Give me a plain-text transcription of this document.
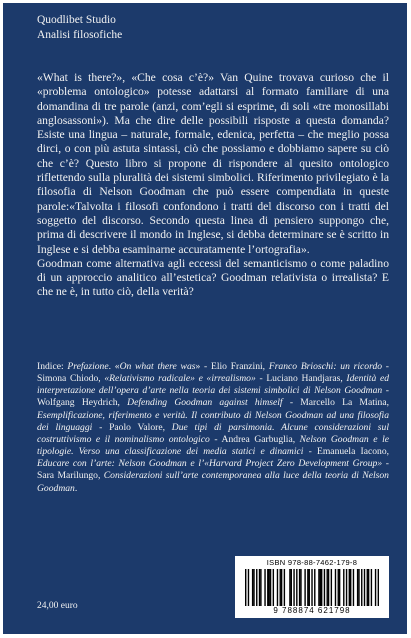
Quodlibet Studio
Analisi filosofiche

«What is there?», «Che cosa c’è?» Van Quine trovava curioso che il «problema ontologico» potesse adattarsi al formato familiare di una domandina di tre parole (anzi, com’egli si esprime, di soli «tre monosillabi anglosassoni»). Ma che dire delle possibili risposte a questa domanda? Esiste una lingua – naturale, formale, edenica, perfetta – che meglio possa dirci, o con più astuta sintassi, ciò che possiamo e dobbiamo sapere su ciò che c’è? Questo libro si propone di rispondere al quesito ontologico riflettendo sulla pluralità dei sistemi simbolici. Riferimento privilegiato è la filosofia di Nelson Goodman che può essere compendiata in queste parole:«Talvolta i filosofi confondono i tratti del discorso con i tratti del soggetto del discorso. Secondo questa linea di pensiero suppongo che, prima di descrivere il mondo in Inglese, si debba determinare se è scritto in Inglese e si debba esaminarne accuratamente l’ortografia».

Goodman come alternativa agli eccessi del semanticismo o come paladino di un approccio analitico all’estetica? Goodman relativista o irrealista? E che ne è, in tutto ciò, della verità?

Indice: Prefazione. «On what there was» - Elio Franzini, Franco Brioschi: un ricordo - Simona Chiodo, «Relativismo radicale» e «irrealismo» - Luciano Handjaras, Identità ed interpretazione dell’opera d’arte nella teoria dei sistemi simbolici di Nelson Goodman - Wolfgang Heydrich, Defending Goodman against himself - Marcello La Matina, Esemplificazione, riferimento e verità. Il contributo di Nelson Goodman ad una filosofia dei linguaggi - Paolo Valore, Due tipi di parsimonia. Alcune considerazioni sul costruttivismo e il nominalismo ontologico - Andrea Garbuglia, Nelson Goodman e le tipologie. Verso una classificazione dei media statici e dinamici - Emanuela Iacono, Educare con l’arte: Nelson Goodman e l’«Harvard Project Zero Development Group» - Sara Marilungo, Considerazioni sull’arte contemporanea alla luce della teoria di Nelson Goodman.
ISBN 978-88-7462-179-8
9 788874 621798
24,00 euro
